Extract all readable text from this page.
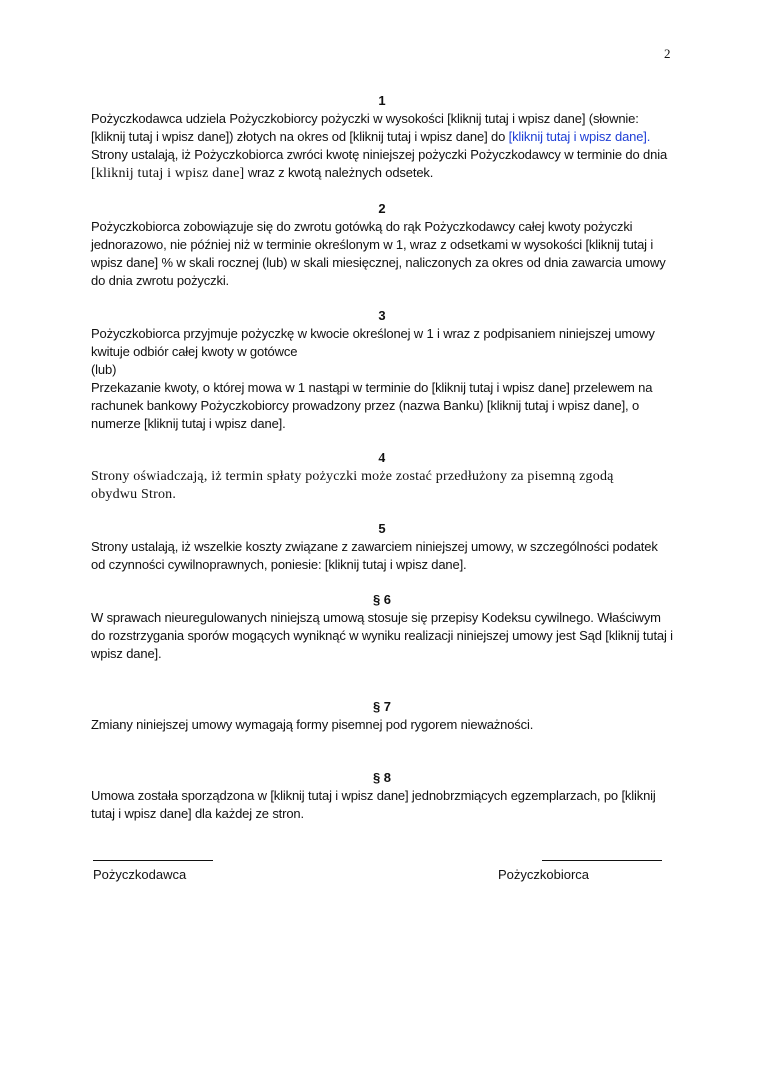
2

1

Pożyczkodawca udziela Pożyczkobiorcy pożyczki w wysokości [kliknij tutaj i wpisz dane] (słownie:

[kliknij tutaj i wpisz dane]) złotych na okres od [kliknij tutaj i wpisz dane] do [kliknij tutaj i wpisz dane].

Strony ustalają, iż Pożyczkobiorca zwróci kwotę niniejszej pożyczki Pożyczkodawcy w terminie do dnia

[kliknij tutaj i wpisz dane] wraz z kwotą należnych odsetek.

2

Pożyczkobiorca zobowiązuje się do zwrotu gotówką do rąk Pożyczkodawcy całej kwoty pożyczki

jednorazowo, nie później niż w terminie określonym w 1, wraz z odsetkami w wysokości [kliknij tutaj i

wpisz dane] % w skali rocznej (lub) w skali miesięcznej, naliczonych za okres od dnia zawarcia umowy

do dnia zwrotu pożyczki.

3

Pożyczkobiorca przyjmuje pożyczkę w kwocie określonej w 1 i wraz z podpisaniem niniejszej umowy

kwituje odbiór całej kwoty w gotówce

(lub)

Przekazanie kwoty, o której mowa w 1 nastąpi w terminie do [kliknij tutaj i wpisz dane] przelewem na

rachunek bankowy Pożyczkobiorcy prowadzony przez (nazwa Banku) [kliknij tutaj i wpisz dane], o

numerze [kliknij tutaj i wpisz dane].

4

Strony oświadczają, iż termin spłaty pożyczki może zostać przedłużony za pisemną zgodą

obydwu Stron.

5

Strony ustalają, iż wszelkie koszty związane z zawarciem niniejszej umowy, w szczególności podatek

od czynności cywilnoprawnych, poniesie: [kliknij tutaj i wpisz dane].

§ 6

W sprawach nieuregulowanych niniejszą umową stosuje się przepisy Kodeksu cywilnego. Właściwym

do rozstrzygania sporów mogących wyniknąć w wyniku realizacji niniejszej umowy jest Sąd [kliknij tutaj i

wpisz dane].

§ 7

Zmiany niniejszej umowy wymagają formy pisemnej pod rygorem nieważności.

§ 8

Umowa została sporządzona w [kliknij tutaj i wpisz dane] jednobrzmiących egzemplarzach, po [kliknij

tutaj i wpisz dane] dla każdej ze stron.

Pożyczkodawca	Pożyczkobiorca
